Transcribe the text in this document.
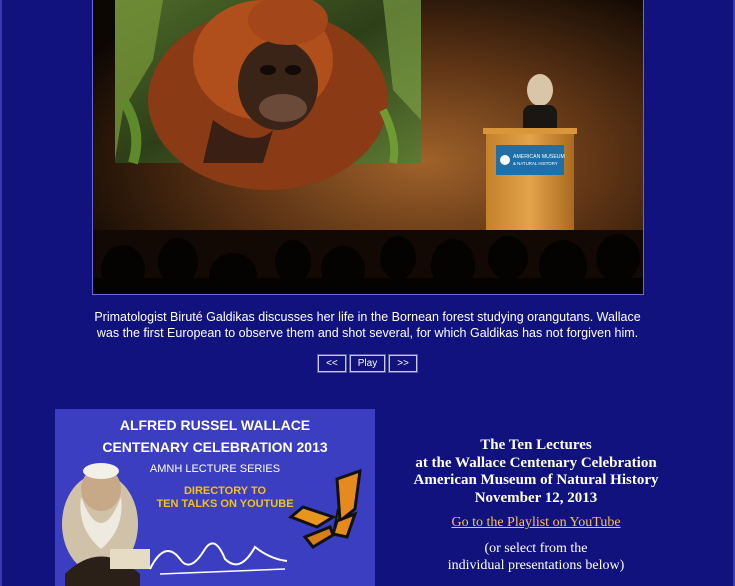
AMERICAN MUSEUM
& NATURAL HISTORY
Primatologist Biruté Galdikas discusses her life in the Bornean forest studying orangutans. Wallace
was the first European to observe them and shot several, for which Galdikas has not forgiven him.
<< Play >>
ALFRED RUSSEL WALLACE
CENTENARY CELEBRATION 2013
AMNH LECTURE SERIES
DIRECTORY TO
TEN TALKS ON YOUTUBE
The Ten Lectures
at the Wallace Centenary Celebration
American Museum of Natural History
November 12, 2013
Go to the Playlist on YouTube
(or select from the
individual presentations below)
